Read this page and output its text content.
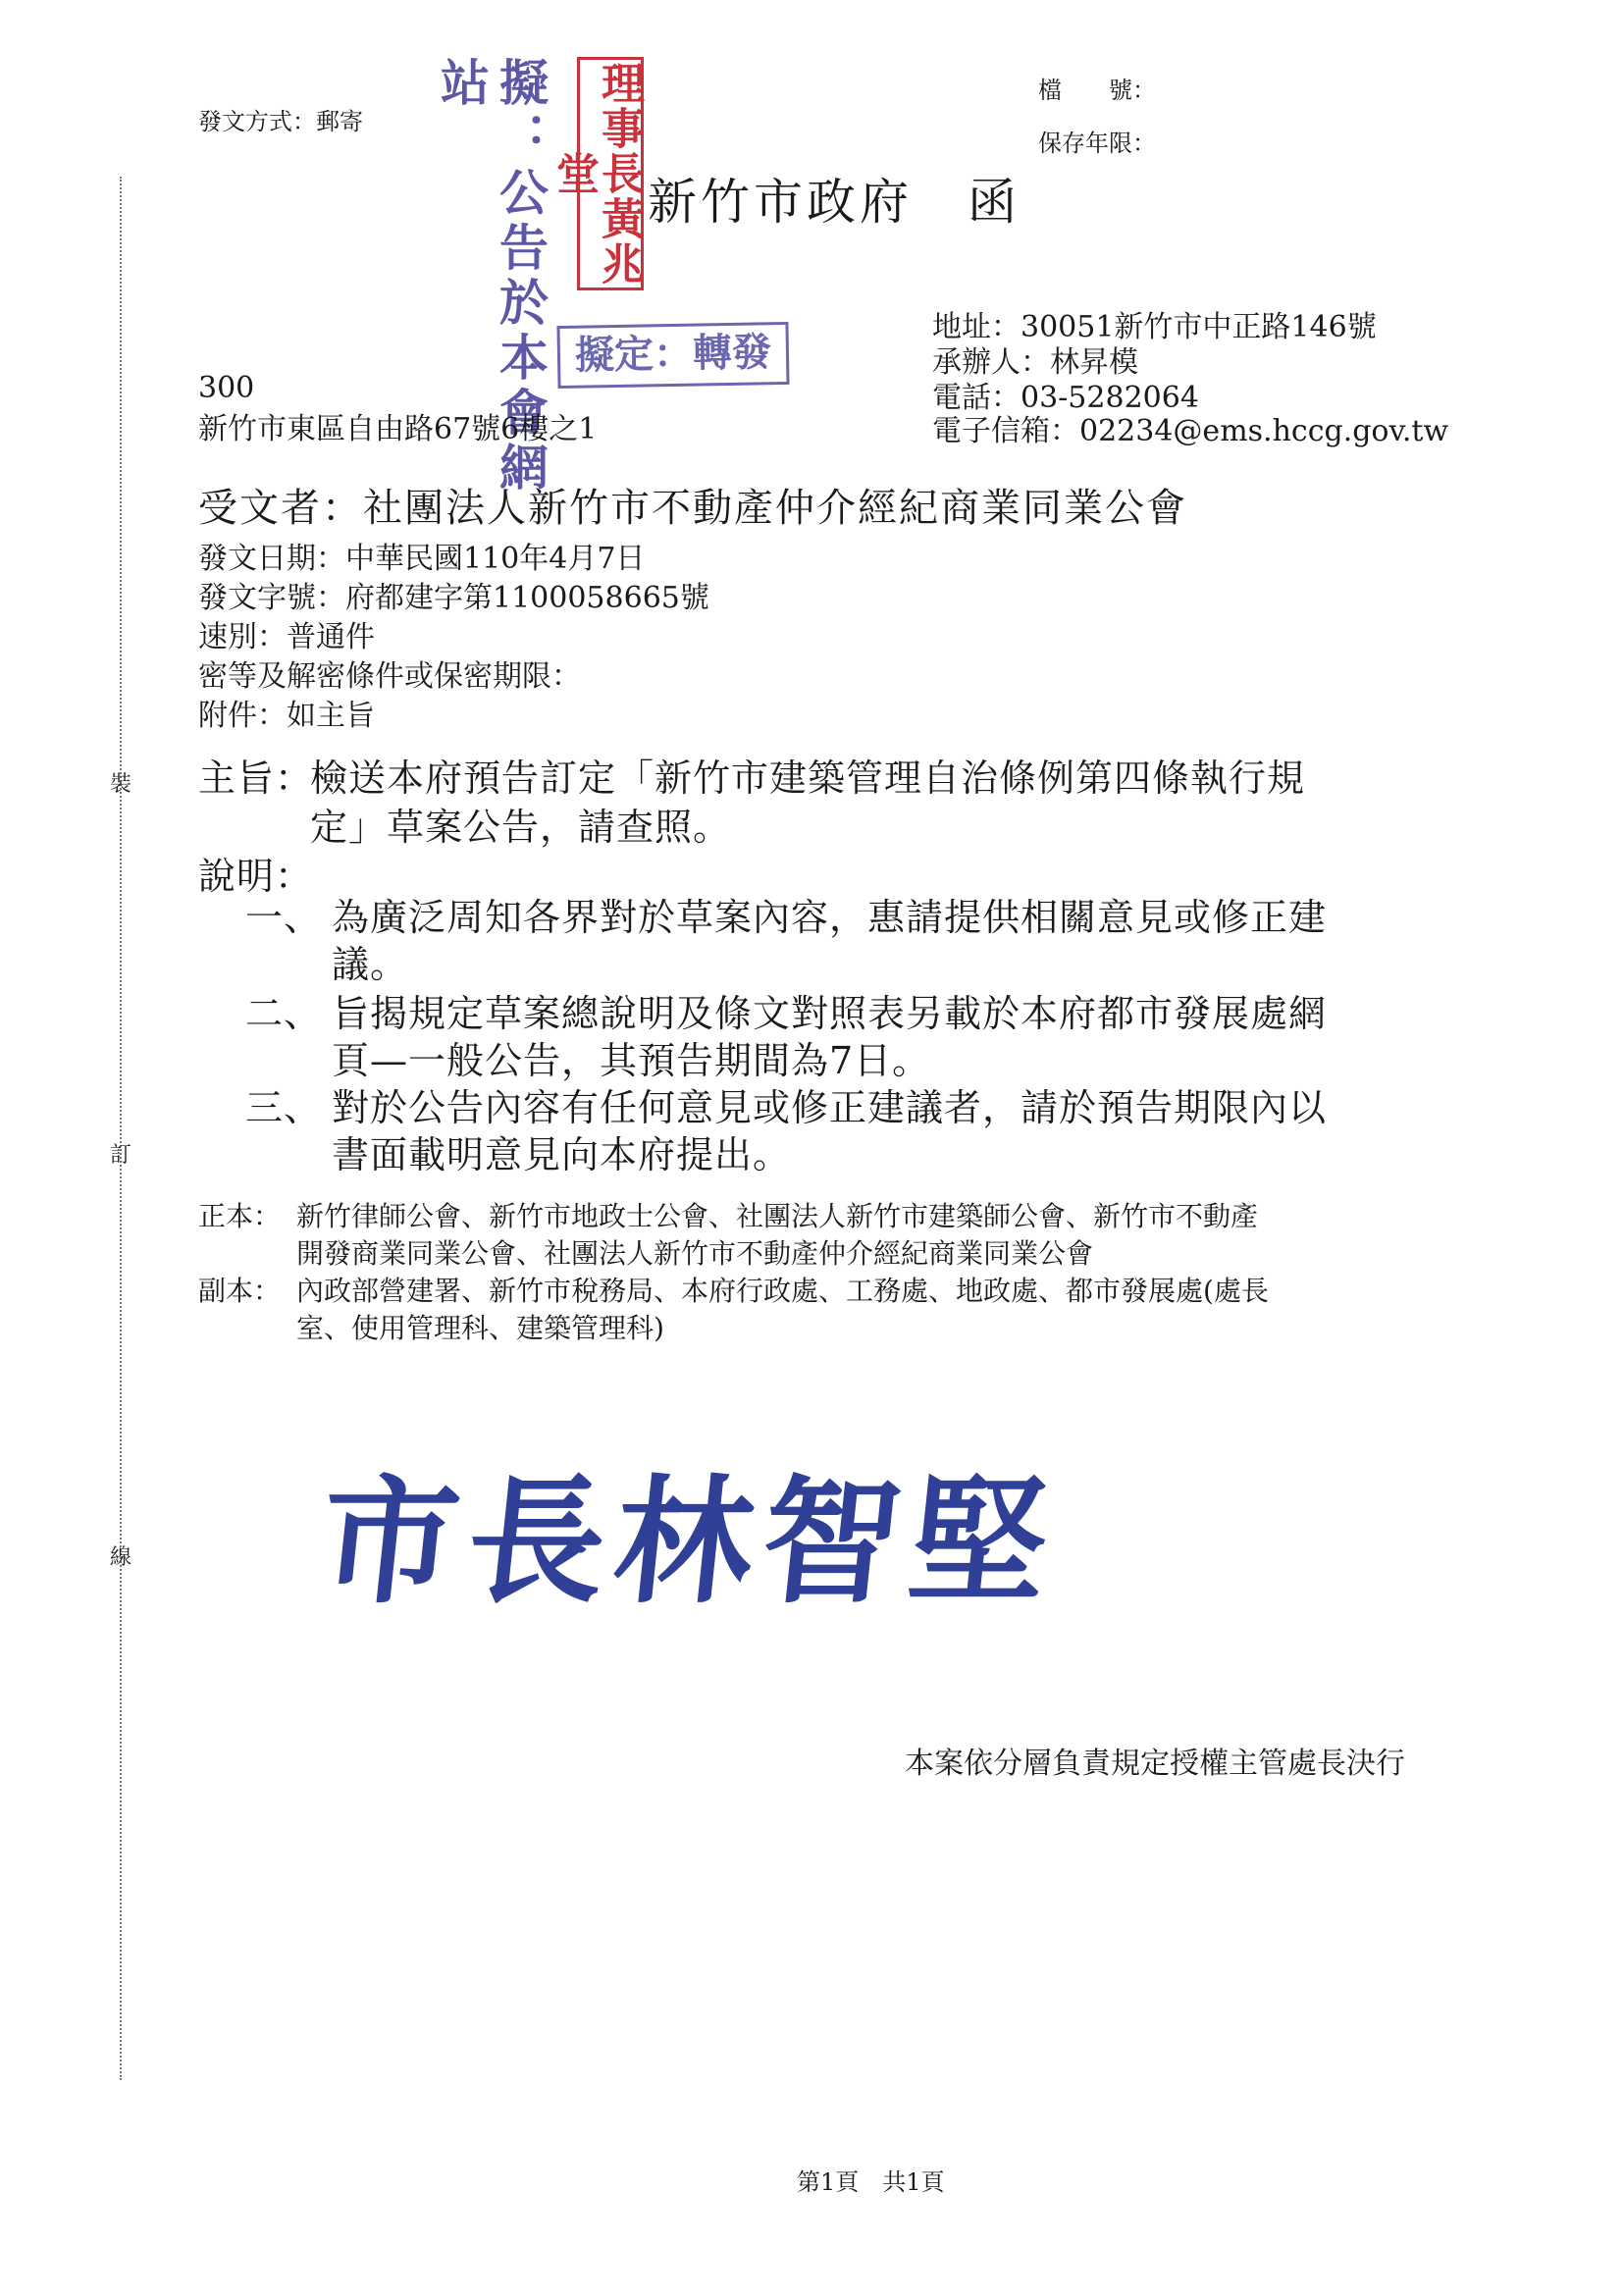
裝
訂
線
發文方式：郵寄
檔　　號：
保存年限：
擬：公告於本會網站	理事長黃兆堂	新竹市政府 函
擬定：轉發
地址：30051新竹市中正路146號
承辦人：林昇模
電話：03-5282064
電子信箱：02234@ems.hccg.gov.tw
300
新竹市東區自由路67號6樓之1
受文者：社團法人新竹市不動產仲介經紀商業同業公會
發文日期：中華民國110年4月7日
發文字號：府都建字第1100058665號
速別：普通件
密等及解密條件或保密期限：
附件：如主旨
主旨：
檢送本府預告訂定「新竹市建築管理自治條例第四條執行規
定」草案公告，請查照。
說明：
一、 為廣泛周知各界對於草案內容，惠請提供相關意見或修正建
議。
二、 旨揭規定草案總說明及條文對照表另載於本府都市發展處網
頁—一般公告，其預告期間為7日。
三、 對於公告內容有任何意見或修正建議者，請於預告期限內以
書面載明意見向本府提出。
正本： 新竹律師公會、新竹市地政士公會、社團法人新竹市建築師公會、新竹市不動產
開發商業同業公會、社團法人新竹市不動產仲介經紀商業同業公會
副本： 內政部營建署、新竹市稅務局、本府行政處、工務處、地政處、都市發展處(處長
室、使用管理科、建築管理科)
市長林智堅
本案依分層負責規定授權主管處長決行
第1頁　共1頁
